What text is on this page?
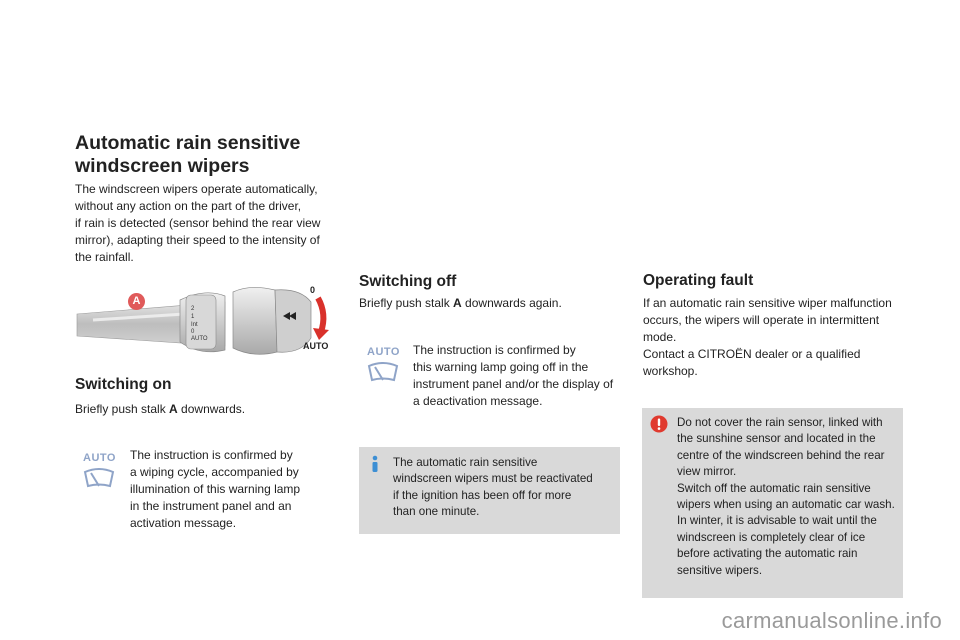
Automatic rain sensitive
windscreen wipers
The windscreen wipers operate automatically,
without any action on the part of the driver,
if rain is detected (sensor behind the rear view
mirror), adapting their speed to the intensity of
the rainfall.
2
1
Int
0
AUTO
0
AUTO
A
Switching on
Briefly push stalk A downwards.
AUTO	The instruction is confirmed by
a wiping cycle, accompanied by
illumination of this warning lamp
in the instrument panel and an
activation message.
Switching off
Briefly push stalk A downwards again.
AUTO	The instruction is confirmed by
this warning lamp going off in the
instrument panel and/or the display of
a deactivation message.
The automatic rain sensitive
windscreen wipers must be reactivated
if the ignition has been off for more
than one minute.
Operating fault
If an automatic rain sensitive wiper malfunction
occurs, the wipers will operate in intermittent
mode.
Contact a CITROËN dealer or a qualified
workshop.
Do not cover the rain sensor, linked with
the sunshine sensor and located in the
centre of the windscreen behind the rear
view mirror.
Switch off the automatic rain sensitive
wipers when using an automatic car wash.
In winter, it is advisable to wait until the
windscreen is completely clear of ice
before activating the automatic rain
sensitive wipers.
carmanualsonline.info
